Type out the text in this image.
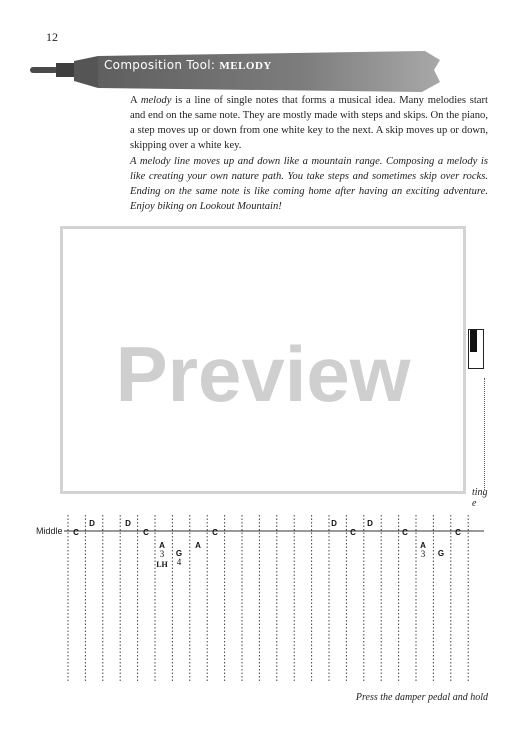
12
Composition Tool: MELODY
A melody is a line of single notes that forms a musical idea. Many melodies start and end on the same note. They are mostly made with steps and skips. On the piano, a step moves up or down from one white key to the next. A skip moves up or down, skipping over a white key.
A melody line moves up and down like a mountain range. Composing a melody is like creating your own nature path. You take steps and sometimes skip over rocks. Ending on the same note is like coming home after having an exciting adventure. Enjoy biking on Lookout Mountain!
ting
e
C
D	D
C
A
3
LH
G
4
A
C
D
C
D
C
A
3 G
C
Middle
Preview
Press the damper pedal and hold
